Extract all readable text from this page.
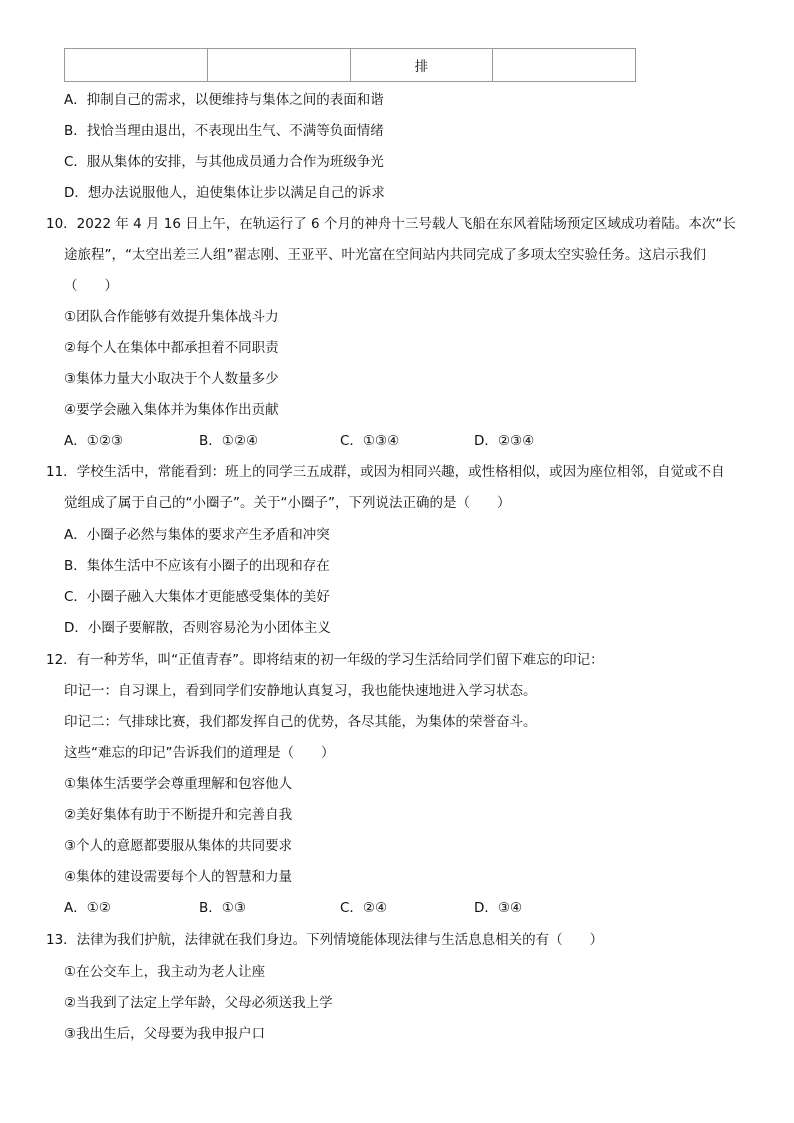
		排	
A．抑制自己的需求，以便维持与集体之间的表面和谐
B．找恰当理由退出，不表现出生气、不满等负面情绪
C．服从集体的安排，与其他成员通力合作为班级争光
D．想办法说服他人，迫使集体让步以满足自己的诉求
10．2022 年 4 月 16 日上午，在轨运行了 6 个月的神舟十三号载人飞船在东风着陆场预定区域成功着陆。本次“长
途旅程”，“太空出差三人组”翟志刚、王亚平、叶光富在空间站内共同完成了多项太空实验任务。这启示我们
（　　）
①团队合作能够有效提升集体战斗力
②每个人在集体中都承担着不同职责
③集体力量大小取决于个人数量多少
④要学会融入集体并为集体作出贡献
A．①②③	B．①②④	C．①③④	D．②③④
11．学校生活中，常能看到：班上的同学三五成群，或因为相同兴趣，或性格相似，或因为座位相邻，自觉或不自
觉组成了属于自己的“小圈子”。关于“小圈子”，下列说法正确的是（　　）
A．小圈子必然与集体的要求产生矛盾和冲突
B．集体生活中不应该有小圈子的出现和存在
C．小圈子融入大集体才更能感受集体的美好
D．小圈子要解散，否则容易沦为小团体主义
12．有一种芳华，叫“正值青春”。即将结束的初一年级的学习生活给同学们留下难忘的印记：
印记一：自习课上，看到同学们安静地认真复习，我也能快速地进入学习状态。
印记二：气排球比赛，我们都发挥自己的优势，各尽其能，为集体的荣誉奋斗。
这些“难忘的印记”告诉我们的道理是（　　）
①集体生活要学会尊重理解和包容他人
②美好集体有助于不断提升和完善自我
③个人的意愿都要服从集体的共同要求
④集体的建设需要每个人的智慧和力量
A．①②	B．①③	C．②④	D．③④
13．法律为我们护航，法律就在我们身边。下列情境能体现法律与生活息息相关的有（　　）
①在公交车上，我主动为老人让座
②当我到了法定上学年龄，父母必须送我上学
③我出生后，父母要为我申报户口
